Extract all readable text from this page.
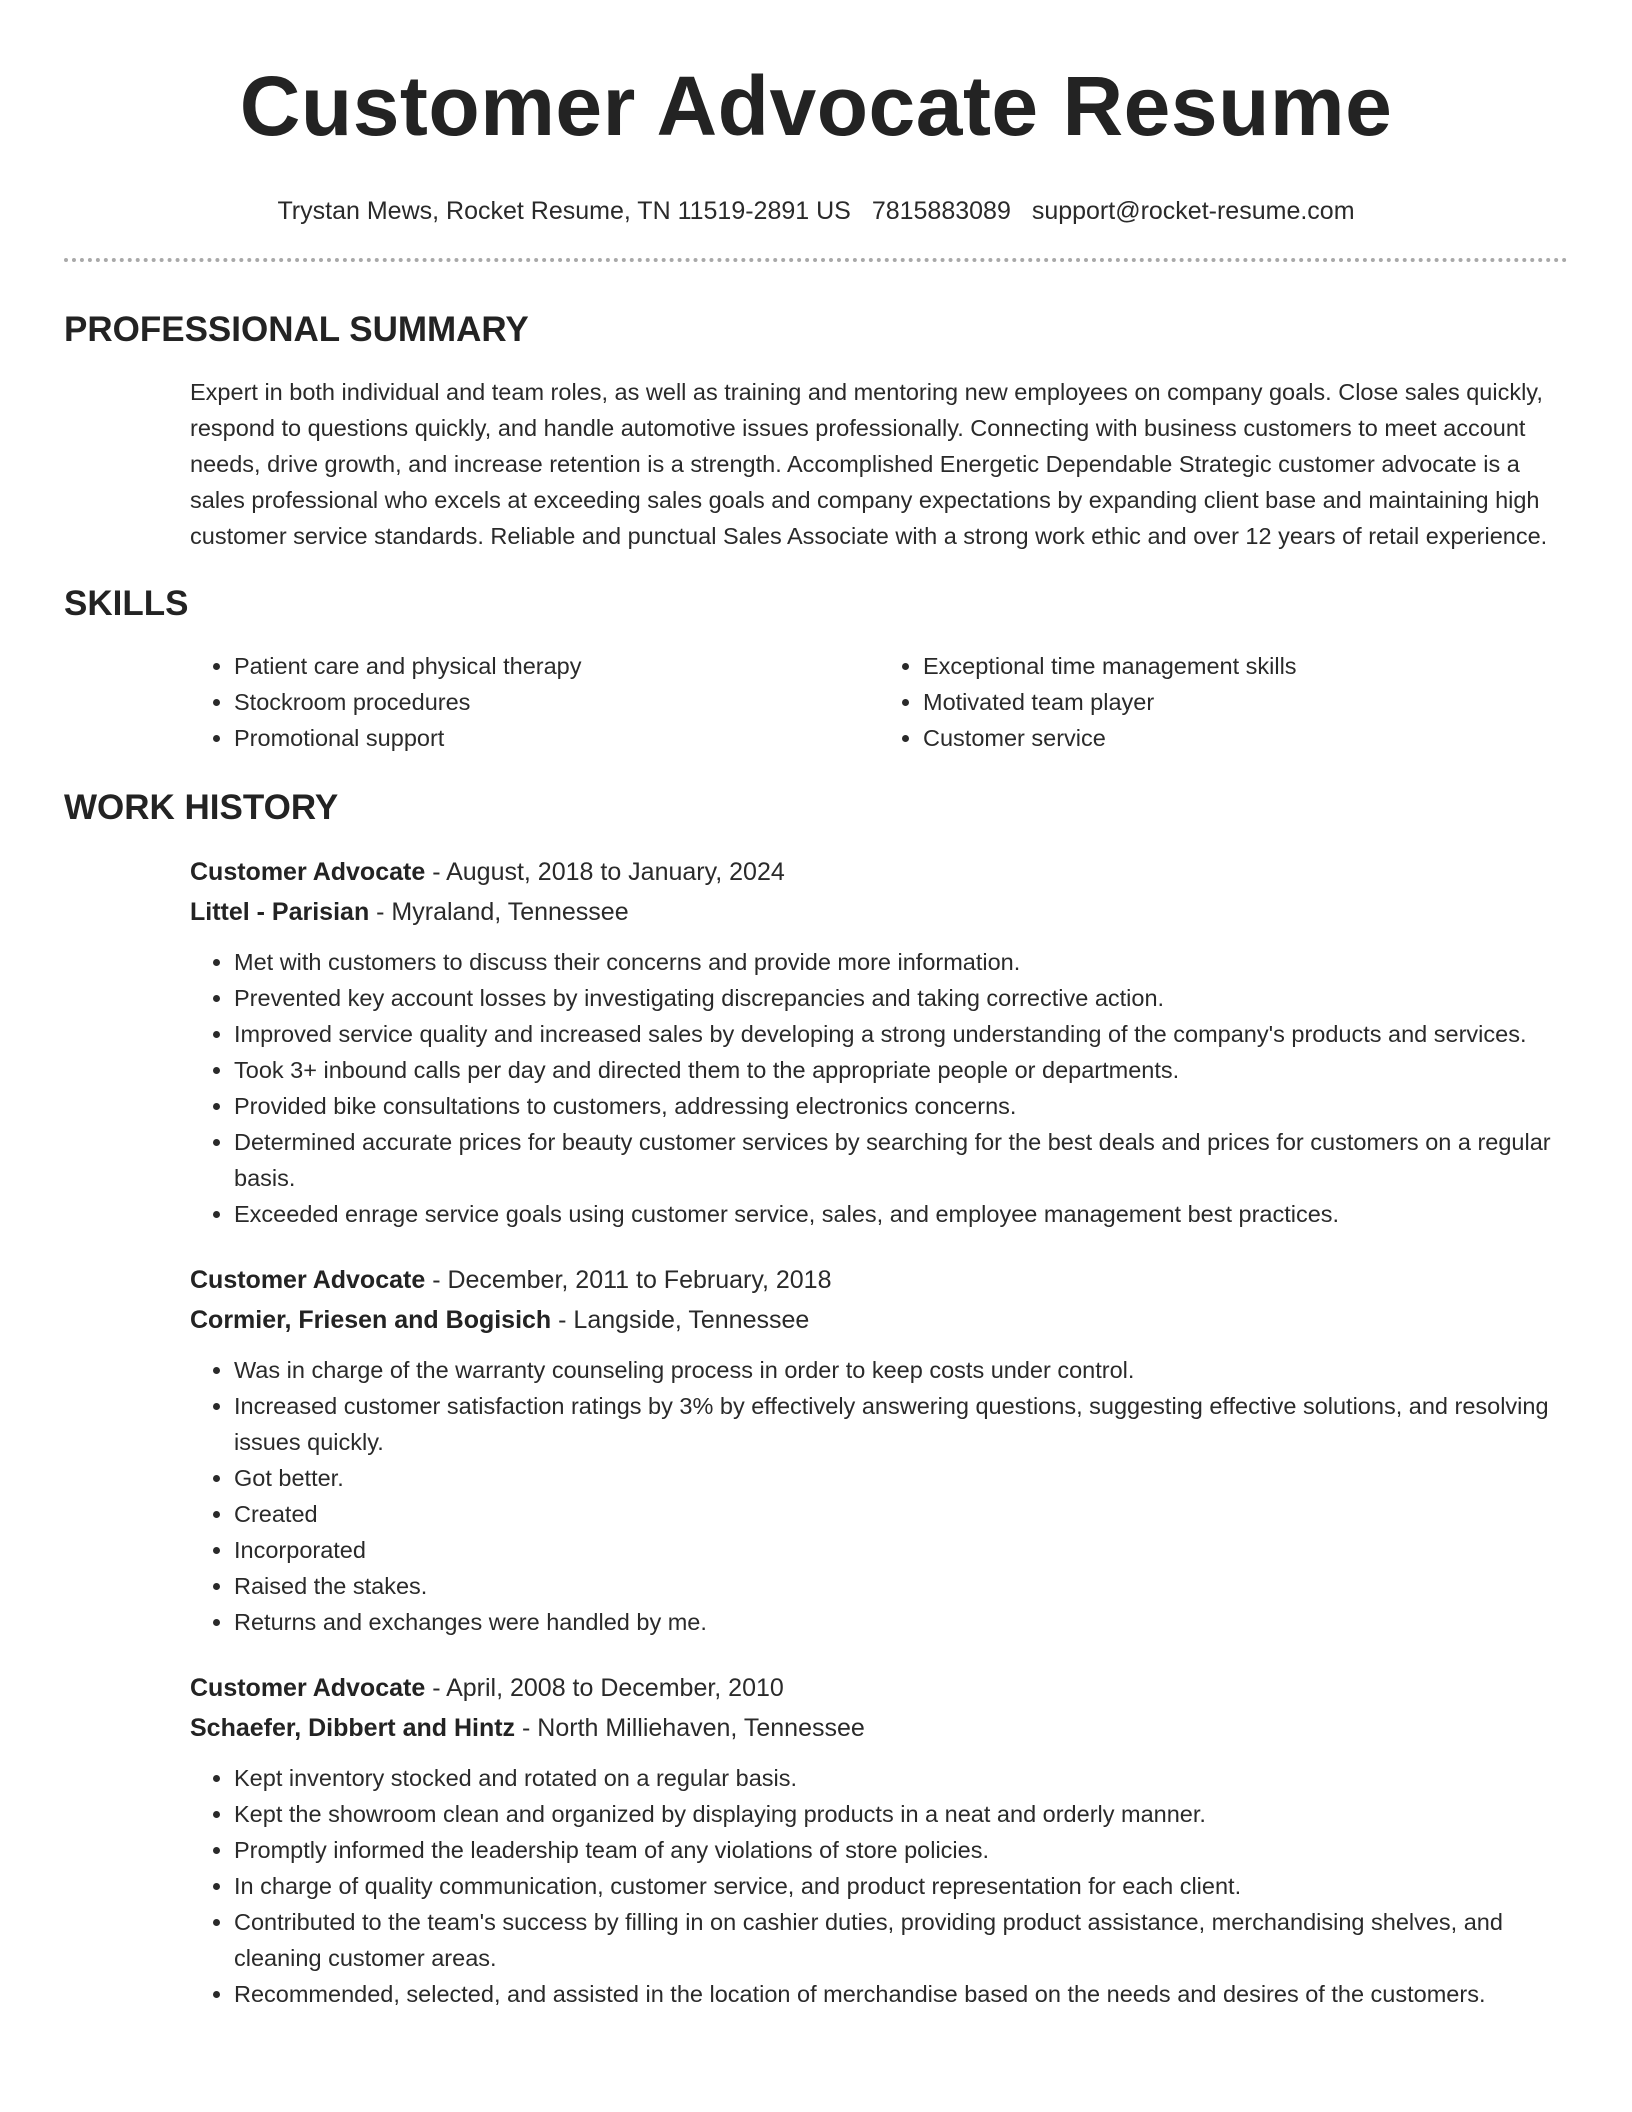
Customer Advocate Resume
Trystan Mews, Rocket Resume, TN 11519-2891 US 7815883089 support@rocket-resume.com
PROFESSIONAL SUMMARY
Expert in both individual and team roles, as well as training and mentoring new employees on company goals. Close sales quickly, respond to questions quickly, and handle automotive issues professionally. Connecting with business customers to meet account needs, drive growth, and increase retention is a strength. Accomplished Energetic Dependable Strategic customer advocate is a sales professional who excels at exceeding sales goals and company expectations by expanding client base and maintaining high customer service standards. Reliable and punctual Sales Associate with a strong work ethic and over 12 years of retail experience.
SKILLS
• Patient care and physical therapy
• Stockroom procedures
• Promotional support
• Exceptional time management skills
• Motivated team player
• Customer service
WORK HISTORY
Customer Advocate - August, 2018 to January, 2024
Littel - Parisian - Myraland, Tennessee
• Met with customers to discuss their concerns and provide more information.
• Prevented key account losses by investigating discrepancies and taking corrective action.
• Improved service quality and increased sales by developing a strong understanding of the company's products and services.
• Took 3+ inbound calls per day and directed them to the appropriate people or departments.
• Provided bike consultations to customers, addressing electronics concerns.
• Determined accurate prices for beauty customer services by searching for the best deals and prices for customers on a regular basis.
• Exceeded enrage service goals using customer service, sales, and employee management best practices.
Customer Advocate - December, 2011 to February, 2018
Cormier, Friesen and Bogisich - Langside, Tennessee
• Was in charge of the warranty counseling process in order to keep costs under control.
• Increased customer satisfaction ratings by 3% by effectively answering questions, suggesting effective solutions, and resolving issues quickly.
• Got better.
• Created
• Incorporated
• Raised the stakes.
• Returns and exchanges were handled by me.
Customer Advocate - April, 2008 to December, 2010
Schaefer, Dibbert and Hintz - North Milliehaven, Tennessee
• Kept inventory stocked and rotated on a regular basis.
• Kept the showroom clean and organized by displaying products in a neat and orderly manner.
• Promptly informed the leadership team of any violations of store policies.
• In charge of quality communication, customer service, and product representation for each client.
• Contributed to the team's success by filling in on cashier duties, providing product assistance, merchandising shelves, and cleaning customer areas.
• Recommended, selected, and assisted in the location of merchandise based on the needs and desires of the customers.
